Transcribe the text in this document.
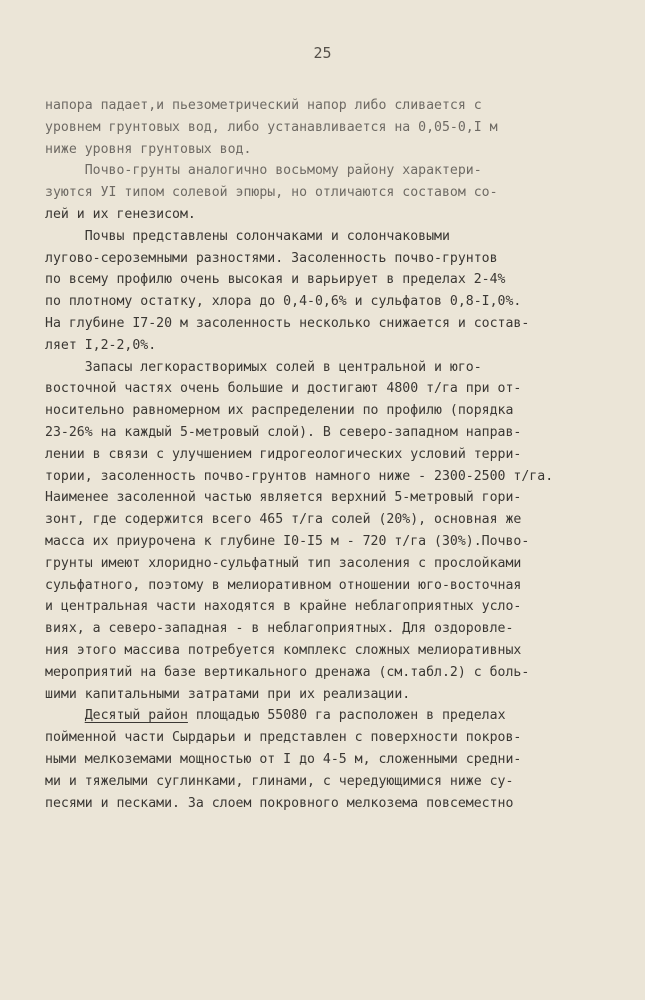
25
напора падает,и пьезометрический напор либо сливается с
уровнем грунтовых вод, либо устанавливается на 0,05-0,I м
ниже уровня грунтовых вод.
Почво-грунты аналогично восьмому району характери-
зуются УI типом солевой эпюры, но отличаются составом со-
лей и их генезисом.
Почвы представлены солончаками и солончаковыми
лугово-сероземными разностями. Засоленность почво-грунтов
по всему профилю очень высокая и варьирует в пределах 2-4%
по плотному остатку, хлора до 0,4-0,6% и сульфатов 0,8-I,0%.
На глубине I7-20 м засоленность несколько снижается и состав-
ляет I,2-2,0%.
Запасы легкорастворимых солей в центральной и юго-
восточной частях очень большие и достигают 4800 т/га при от-
носительно равномерном их распределении по профилю (порядка
23-26% на каждый 5-метровый слой). В северо-западном направ-
лении в связи с улучшением гидрогеологических условий терри-
тории, засоленность почво-грунтов намного ниже - 2300-2500 т/га.
Наименее засоленной частью является верхний 5-метровый гори-
зонт, где содержится всего 465 т/га солей (20%), основная же
масса их приурочена к глубине I0-I5 м - 720 т/га (30%).Почво-
грунты имеют хлоридно-сульфатный тип засоления с прослойками
сульфатного, поэтому в мелиоративном отношении юго-восточная
и центральная части находятся в крайне неблагоприятных усло-
виях, а северо-западная - в неблагоприятных. Для оздоровле-
ния этого массива потребуется комплекс сложных мелиоративных
мероприятий на базе вертикального дренажа (см.табл.2) с боль-
шими капитальными затратами при их реализации.
Десятый район площадью 55080 га расположен в пределах
пойменной части Сырдарьи и представлен с поверхности покров-
ными мелкоземами мощностью от I до 4-5 м, сложенными средни-
ми и тяжелыми суглинками, глинами, с чередующимися ниже су-
песями и песками. За слоем покровного мелкозема повсеместно
